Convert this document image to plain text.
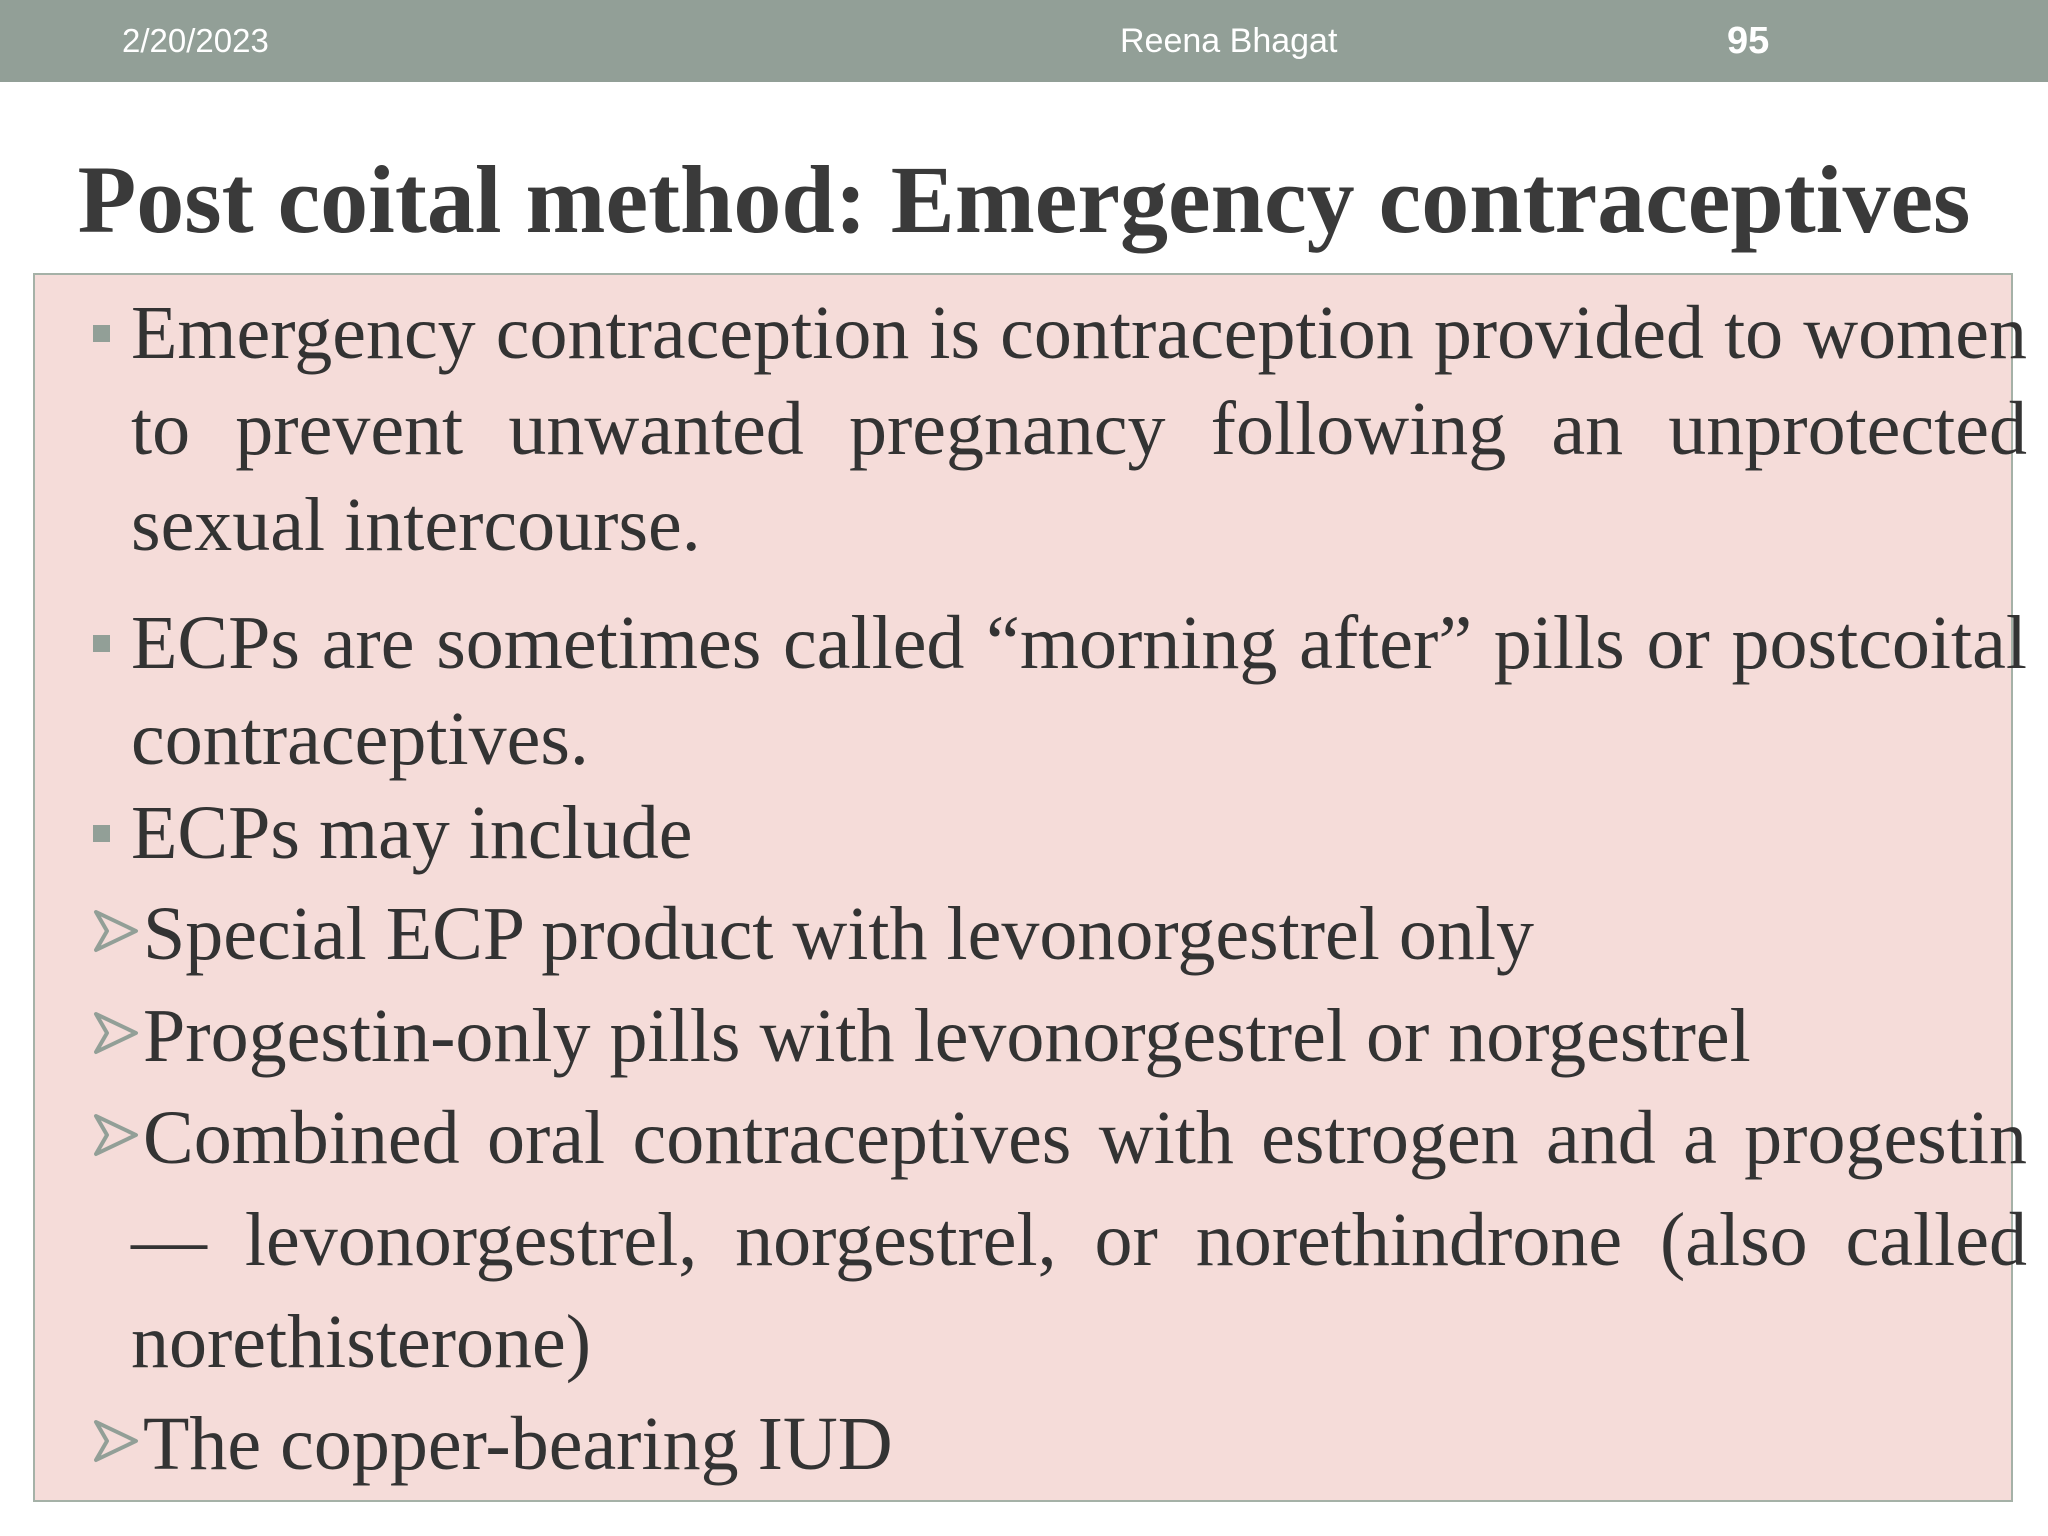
2/20/2023	Reena Bhagat	95
Post coital method: Emergency contraceptives
Emergency contraception is contraception provided to women to prevent unwanted pregnancy following an unprotected sexual intercourse.
ECPs are sometimes called “morning after” pills or postcoital contraceptives.
ECPs may include
Special ECP product with levonorgestrel only
Progestin-only pills with levonorgestrel or norgestrel
Combined oral contraceptives with estrogen and a progestin— levonorgestrel, norgestrel, or norethindrone (also called norethisterone)
The copper-bearing IUD
